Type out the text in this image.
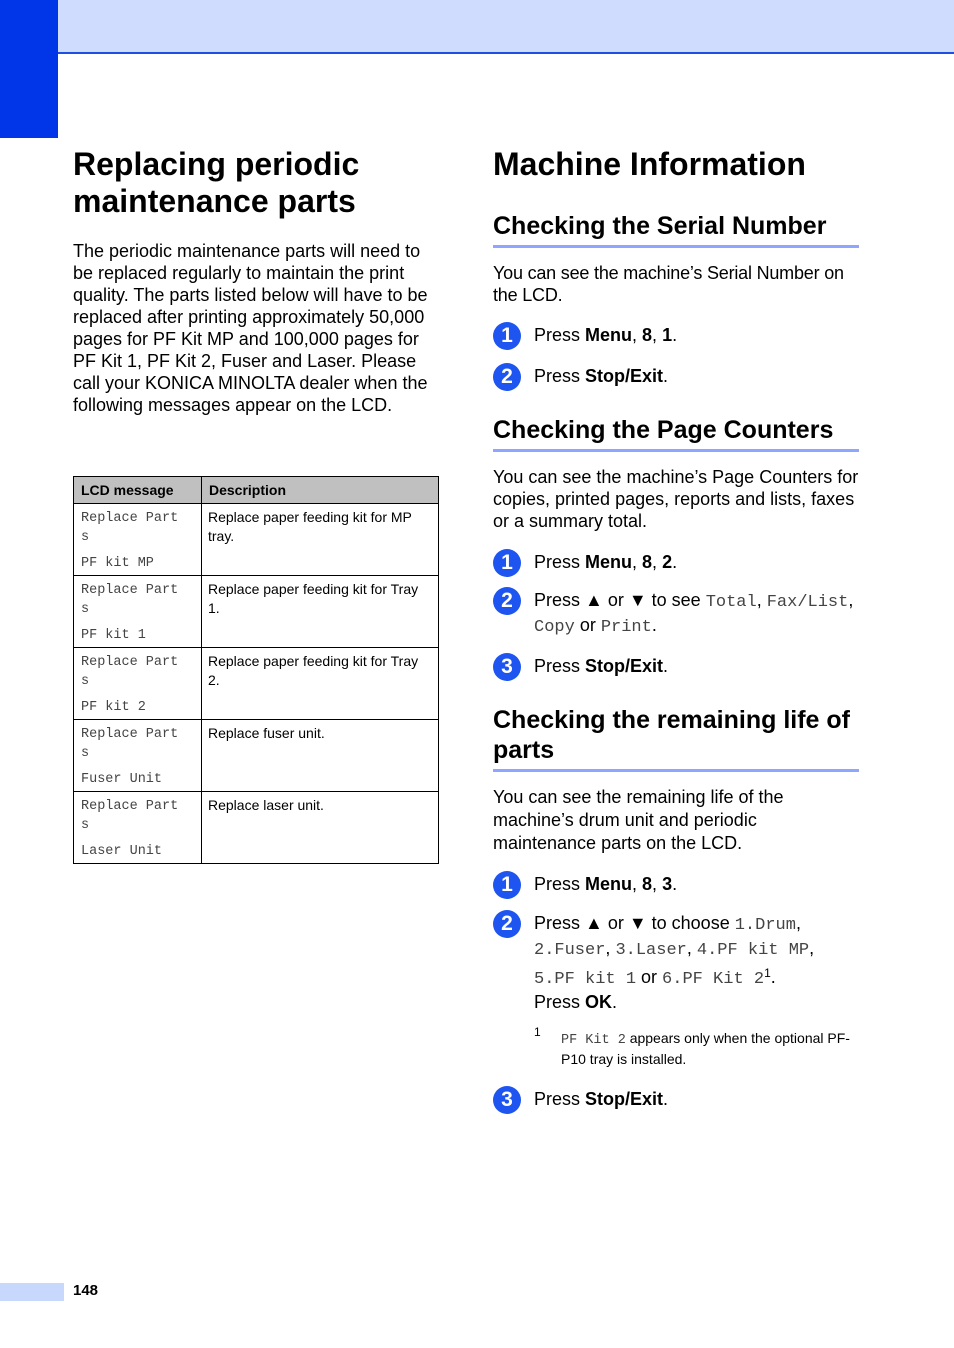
Replacing periodic maintenance parts

The periodic maintenance parts will need to be replaced regularly to maintain the print quality. The parts listed below will have to be replaced after printing approximately 50,000 pages for PF Kit MP and 100,000 pages for PF Kit 1, PF Kit 2, Fuser and Laser. Please call your KONICA MINOLTA dealer when the following messages appear on the LCD.

LCD message	Description

Replace Part
s
PF kit MP	Replace paper feeding kit for MP tray.

Replace Part
s
PF kit 1	Replace paper feeding kit for Tray 1.

Replace Part
s
PF kit 2	Replace paper feeding kit for Tray 2.

Replace Part
s
Fuser Unit	Replace fuser unit.

Replace Part
s
Laser Unit	Replace laser unit.
Machine Information
Checking the Serial Number

You can see the machine’s Serial Number on the LCD.

1	Press Menu, 8, 1.
2	Press Stop/Exit.
Checking the Page Counters

You can see the machine’s Page Counters for copies, printed pages, reports and lists, faxes or a summary total.

1	Press Menu, 8, 2.
2	Press ▲ or ▼ to see Total, Fax/List, Copy or Print.
3	Press Stop/Exit.
Checking the remaining life of parts

You can see the remaining life of the machine’s drum unit and periodic maintenance parts on the LCD.

1	Press Menu, 8, 3.
2	Press ▲ or ▼ to choose 1.Drum, 2.Fuser, 3.Laser, 4.PF kit MP, 5.PF kit 1 or 6.PF Kit $2^1$.
Press OK.
1
PF Kit 2 appears only when the optional PF-P10 tray is installed.
3	Press Stop/Exit.
148
